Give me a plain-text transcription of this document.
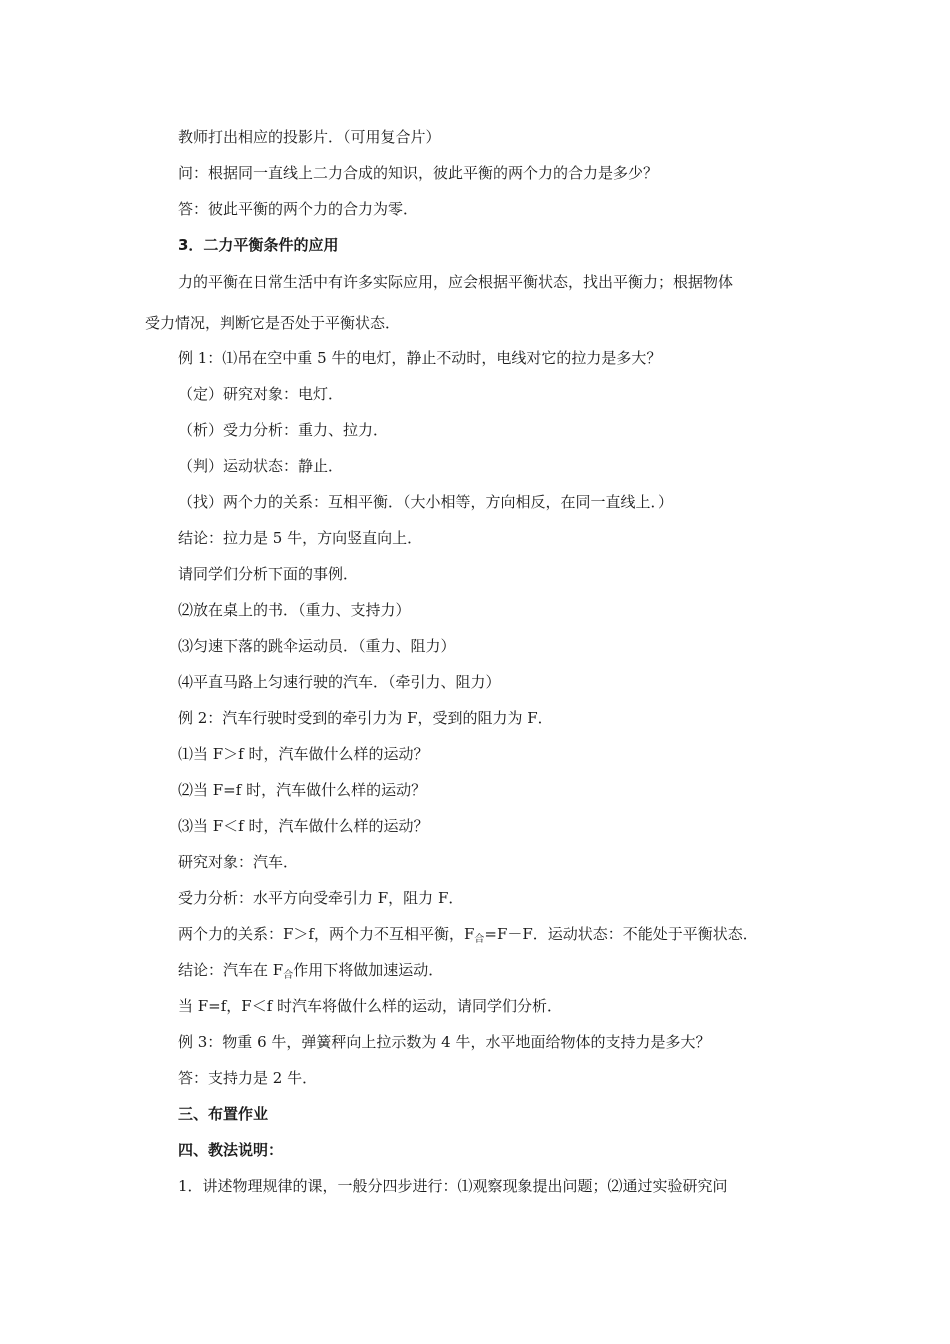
教师打出相应的投影片．（可用复合片）
问：根据同一直线上二力合成的知识，彼此平衡的两个力的合力是多少？
答：彼此平衡的两个力的合力为零．
3．二力平衡条件的应用
力的平衡在日常生活中有许多实际应用，应会根据平衡状态，找出平衡力；根据物体
受力情况，判断它是否处于平衡状态．
例 1：⑴吊在空中重 5 牛的电灯，静止不动时，电线对它的拉力是多大？
（定）研究对象：电灯．
（析）受力分析：重力、拉力．
（判）运动状态：静止．
（找）两个力的关系：互相平衡．（大小相等，方向相反，在同一直线上．）
结论：拉力是 5 牛，方向竖直向上．
请同学们分析下面的事例．
⑵放在桌上的书．（重力、支持力）
⑶匀速下落的跳伞运动员．（重力、阻力）
⑷平直马路上匀速行驶的汽车．（牵引力、阻力）
例 2：汽车行驶时受到的牵引力为 F，受到的阻力为 F．
⑴当 F＞f 时，汽车做什么样的运动？
⑵当 F=f 时，汽车做什么样的运动？
⑶当 F＜f 时，汽车做什么样的运动？
研究对象：汽车．
受力分析：水平方向受牵引力 F，阻力 F．
两个力的关系：F＞f，两个力不互相平衡，$F_合=F-F$．运动状态：不能处于平衡状态．
结论：汽车在 $F_合$作用下将做加速运动．
当 F=f，F＜f 时汽车将做什么样的运动，请同学们分析．
例 3：物重 6 牛，弹簧秤向上拉示数为 4 牛，水平地面给物体的支持力是多大？
答：支持力是 2 牛．
三、布置作业
四、教法说明：
1．讲述物理规律的课，一般分四步进行：⑴观察现象提出问题；⑵通过实验研究问
